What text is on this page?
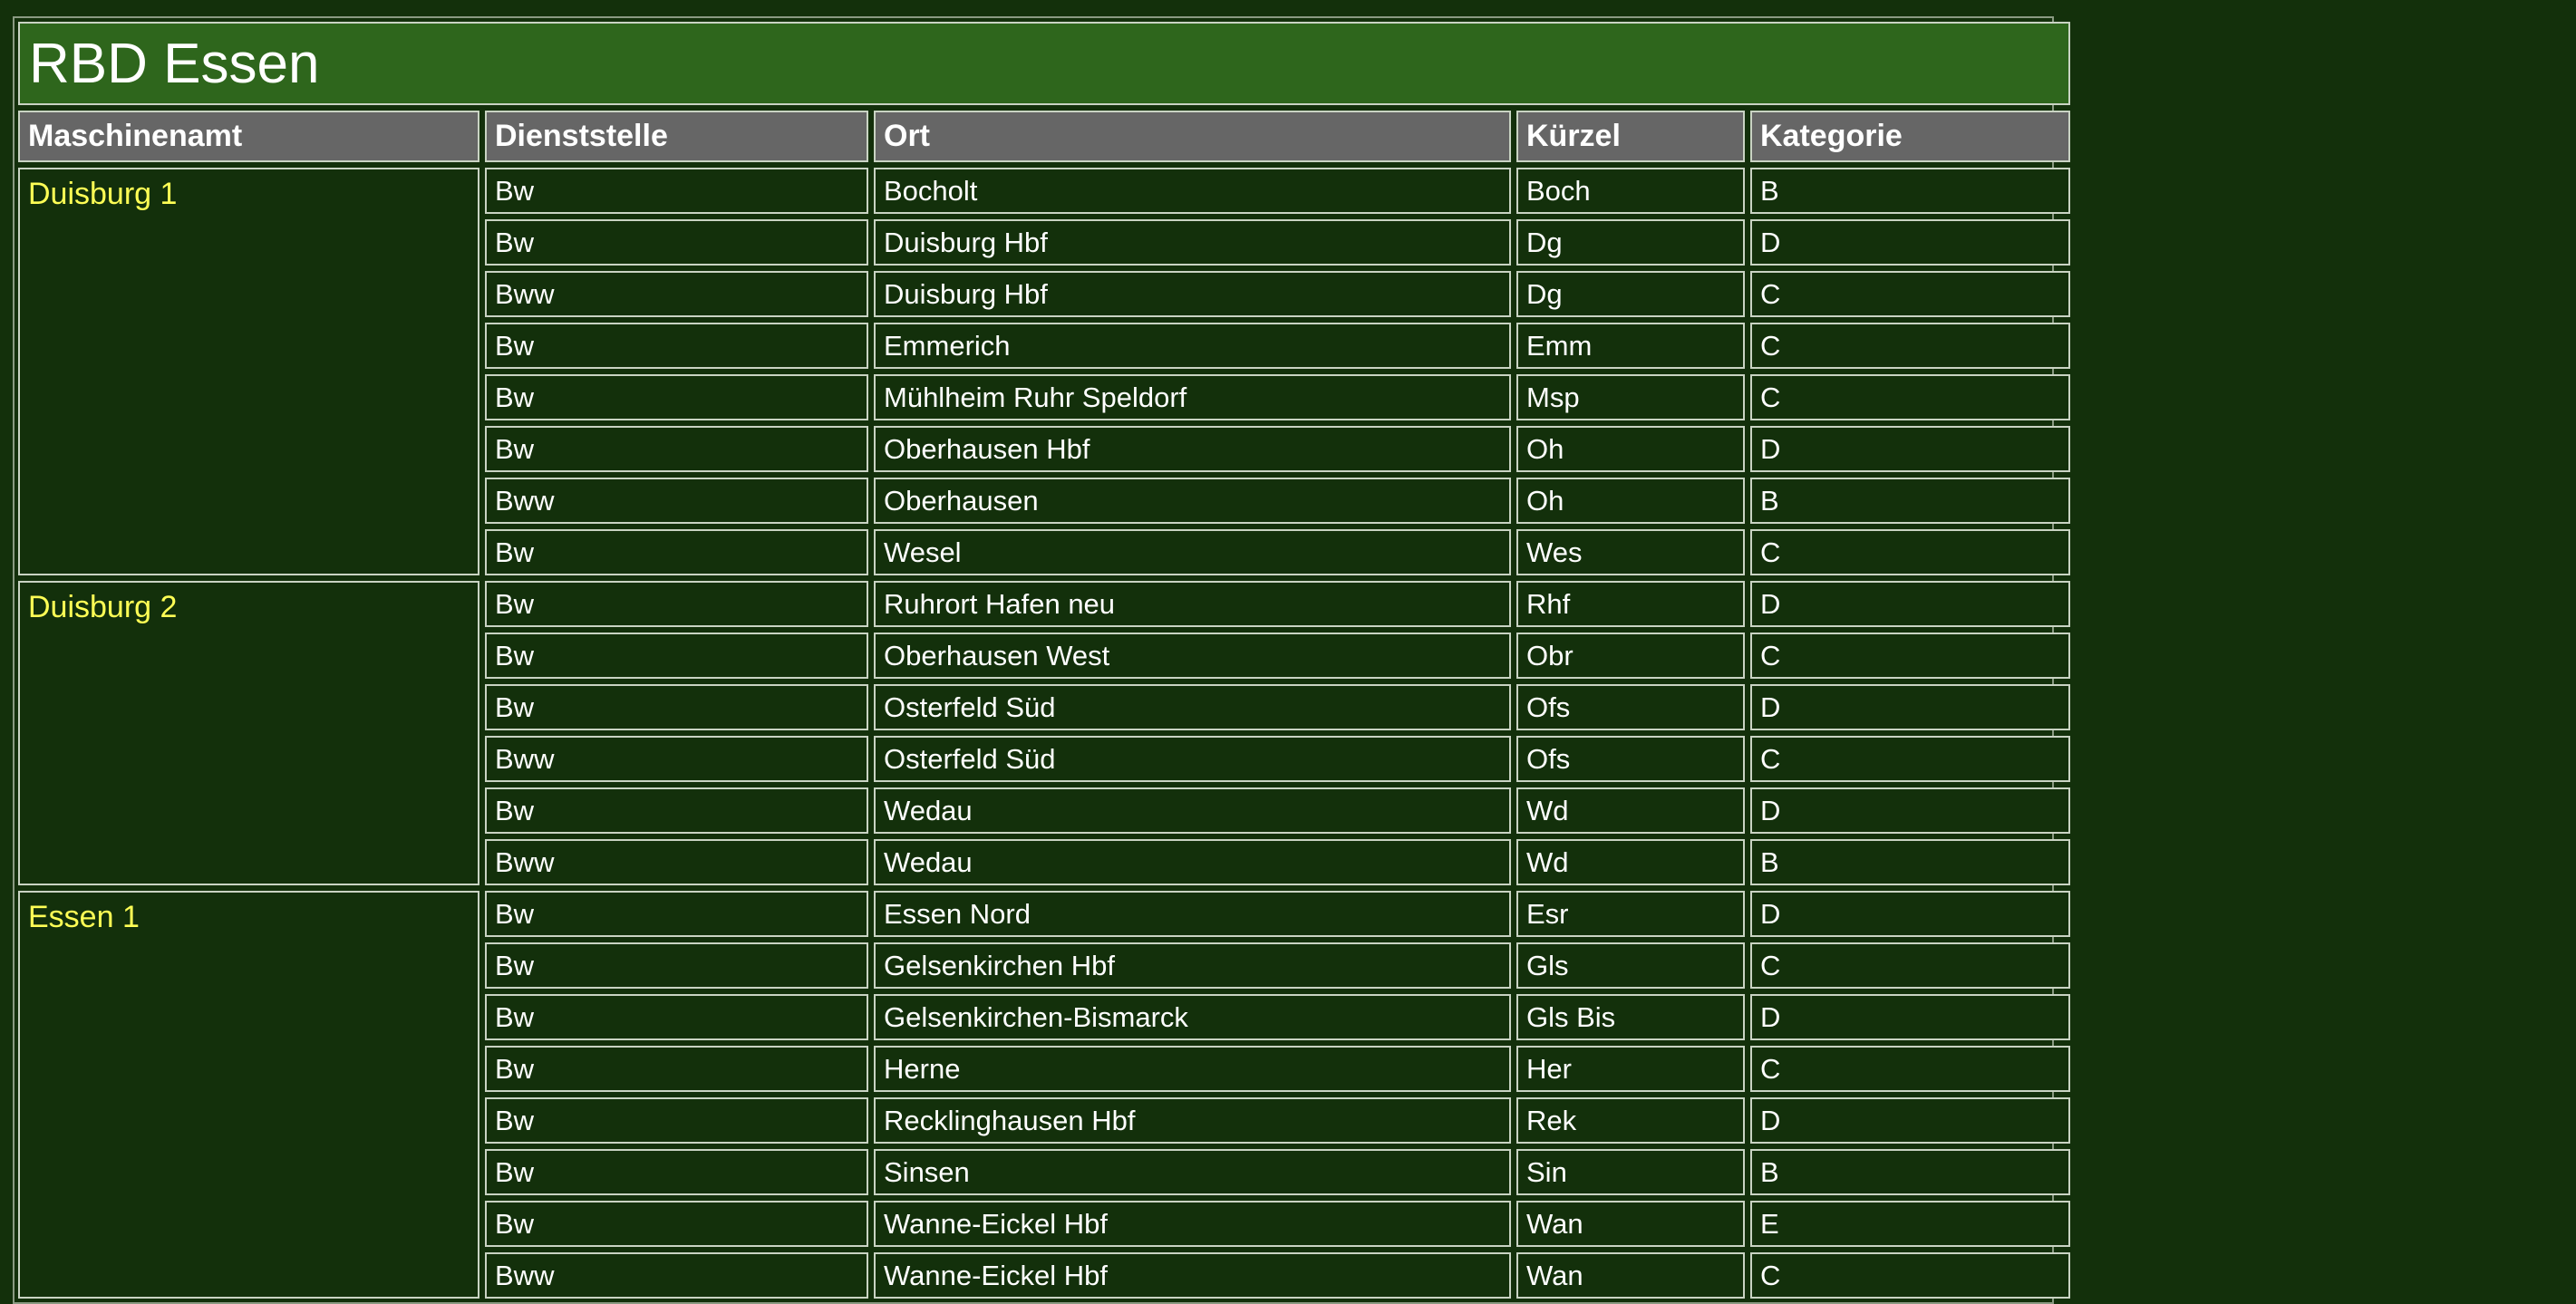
RBD Essen				
Maschinenamt	Dienststelle	Ort	Kürzel	Kategorie
Duisburg 1	Bw	Bocholt	Boch	B
	Bw	Duisburg Hbf	Dg	D
	Bww	Duisburg Hbf	Dg	C
	Bw	Emmerich	Emm	C
	Bw	Mühlheim Ruhr Speldorf	Msp	C
	Bw	Oberhausen Hbf	Oh	D
	Bww	Oberhausen	Oh	B
	Bw	Wesel	Wes	C
Duisburg 2	Bw	Ruhrort Hafen neu	Rhf	D
	Bw	Oberhausen West	Obr	C
	Bw	Osterfeld Süd	Ofs	D
	Bww	Osterfeld Süd	Ofs	C
	Bw	Wedau	Wd	D
	Bww	Wedau	Wd	B
Essen 1	Bw	Essen Nord	Esr	D
	Bw	Gelsenkirchen Hbf	Gls	C
	Bw	Gelsenkirchen-Bismarck	Gls Bis	D
	Bw	Herne	Her	C
	Bw	Recklinghausen Hbf	Rek	D
	Bw	Sinsen	Sin	B
	Bw	Wanne-Eickel Hbf	Wan	E
	Bww	Wanne-Eickel Hbf	Wan	C
